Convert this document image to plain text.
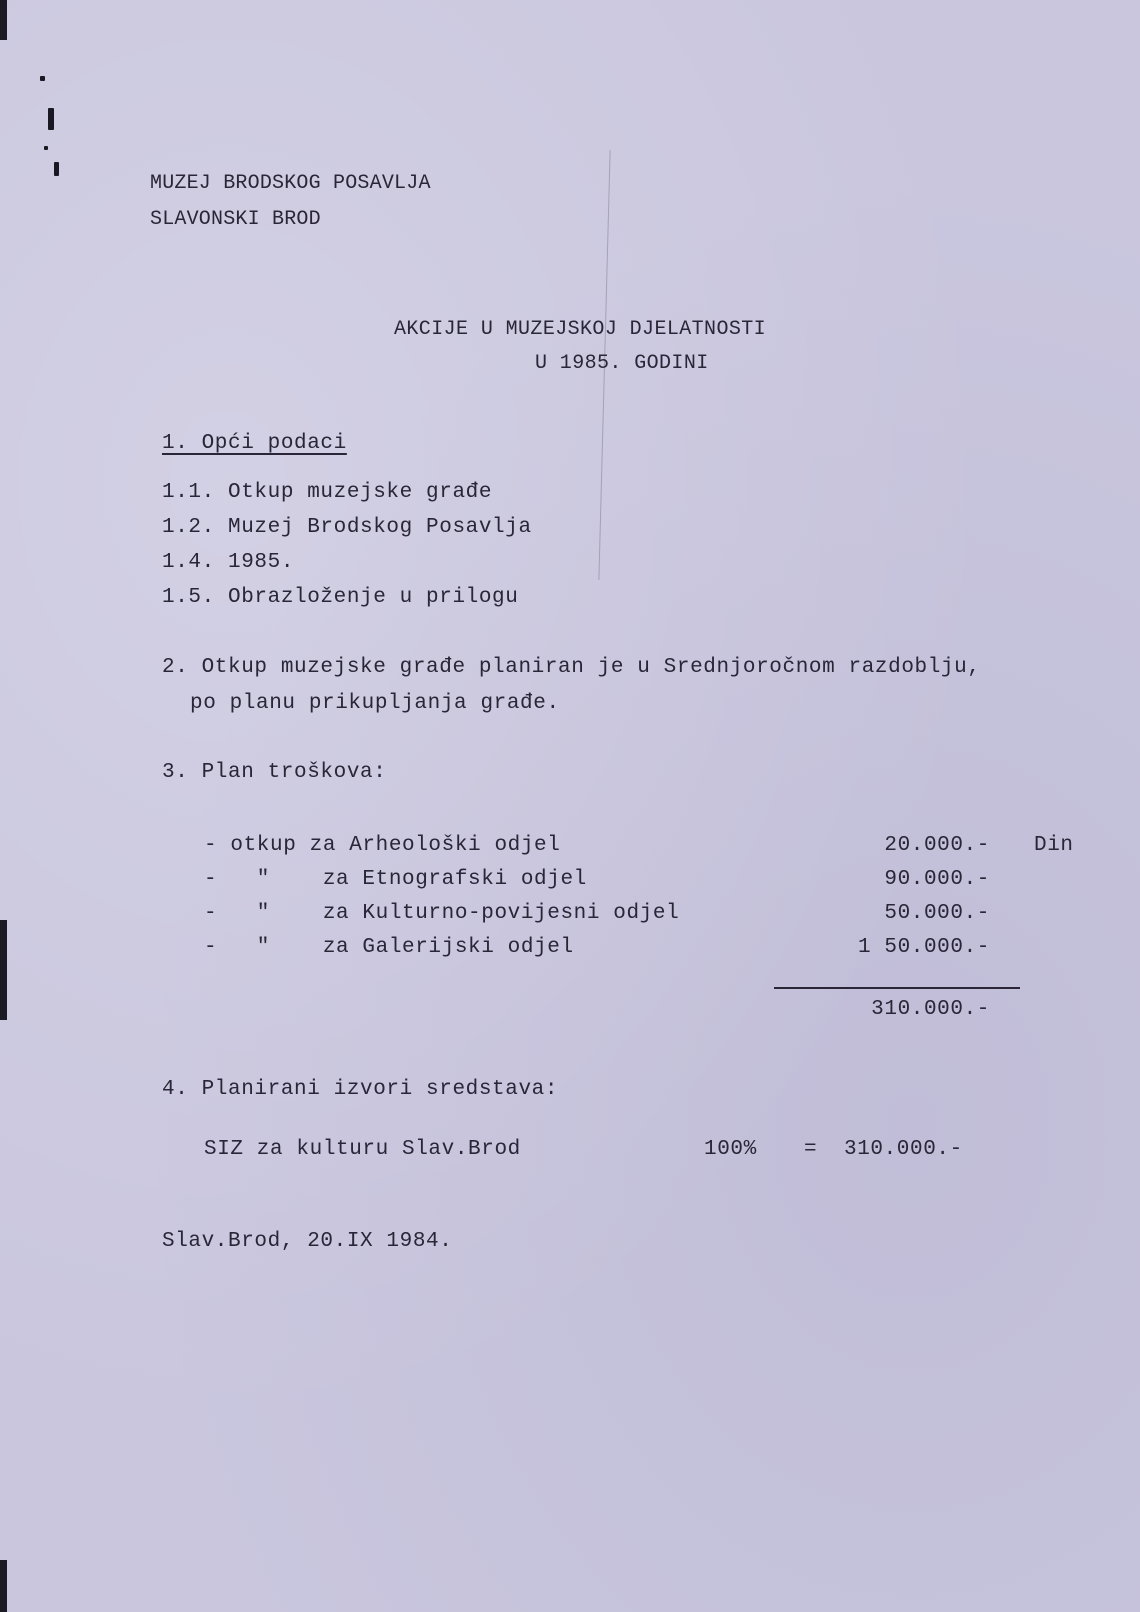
MUZEJ BRODSKOG POSAVLJA
SLAVONSKI BROD
AKCIJE U MUZEJSKOJ DJELATNOSTI
U 1985. GODINI
1. Opći podaci
1.1. Otkup muzejske građe
1.2. Muzej Brodskog Posavlja
1.4. 1985.
1.5. Obrazloženje u prilogu
2. Otkup muzejske građe planiran je u Srednjoročnom razdoblju,
po planu prikupljanja građe.
3. Plan troškova:
- otkup za Arheološki odjel	20.000.- Din
-   "    za Etnografski odjel	90.000.-
-   "    za Kulturno-povijesni odjel	50.000.-
-   "    za Galerijski odjel	1 50.000.-
310.000.-
4. Planirani izvori sredstava:
SIZ za kulturu Slav.Brod	100% = 310.000.-
Slav.Brod, 20.IX 1984.
